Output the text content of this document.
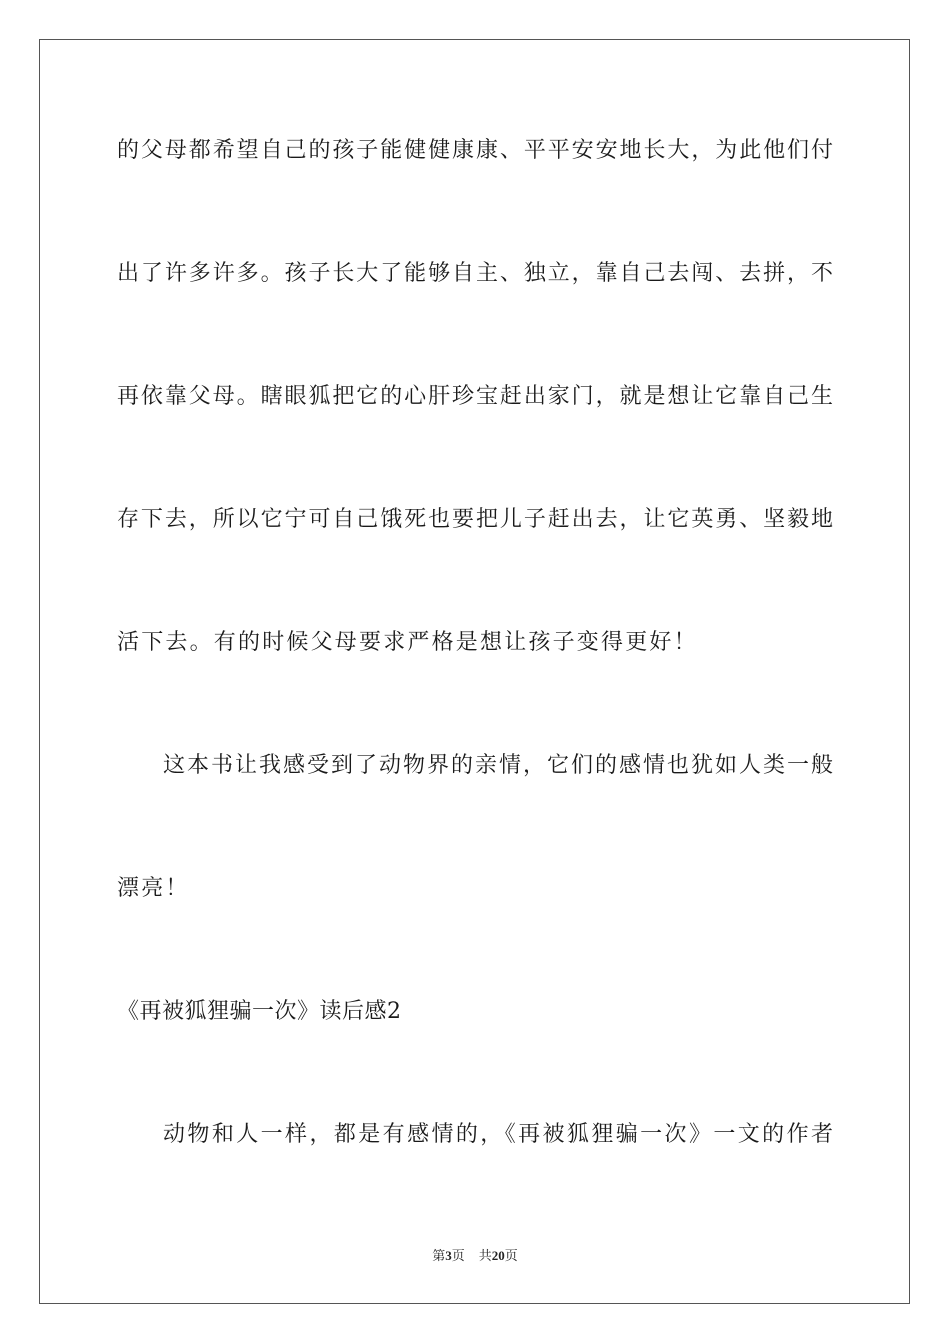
的父母都希望自己的孩子能健健康康、平平安安地长大，为此他们付
出了许多许多。孩子长大了能够自主、独立，靠自己去闯、去拼，不
再依靠父母。瞎眼狐把它的心肝珍宝赶出家门，就是想让它靠自己生
存下去，所以它宁可自己饿死也要把儿子赶出去，让它英勇、坚毅地
活下去。有的时候父母要求严格是想让孩子变得更好！
这本书让我感受到了动物界的亲情，它们的感情也犹如人类一般
漂亮！
《再被狐狸骗一次》读后感2
动物和人一样，都是有感情的，《再被狐狸骗一次》一文的作者
第3页 共20页
